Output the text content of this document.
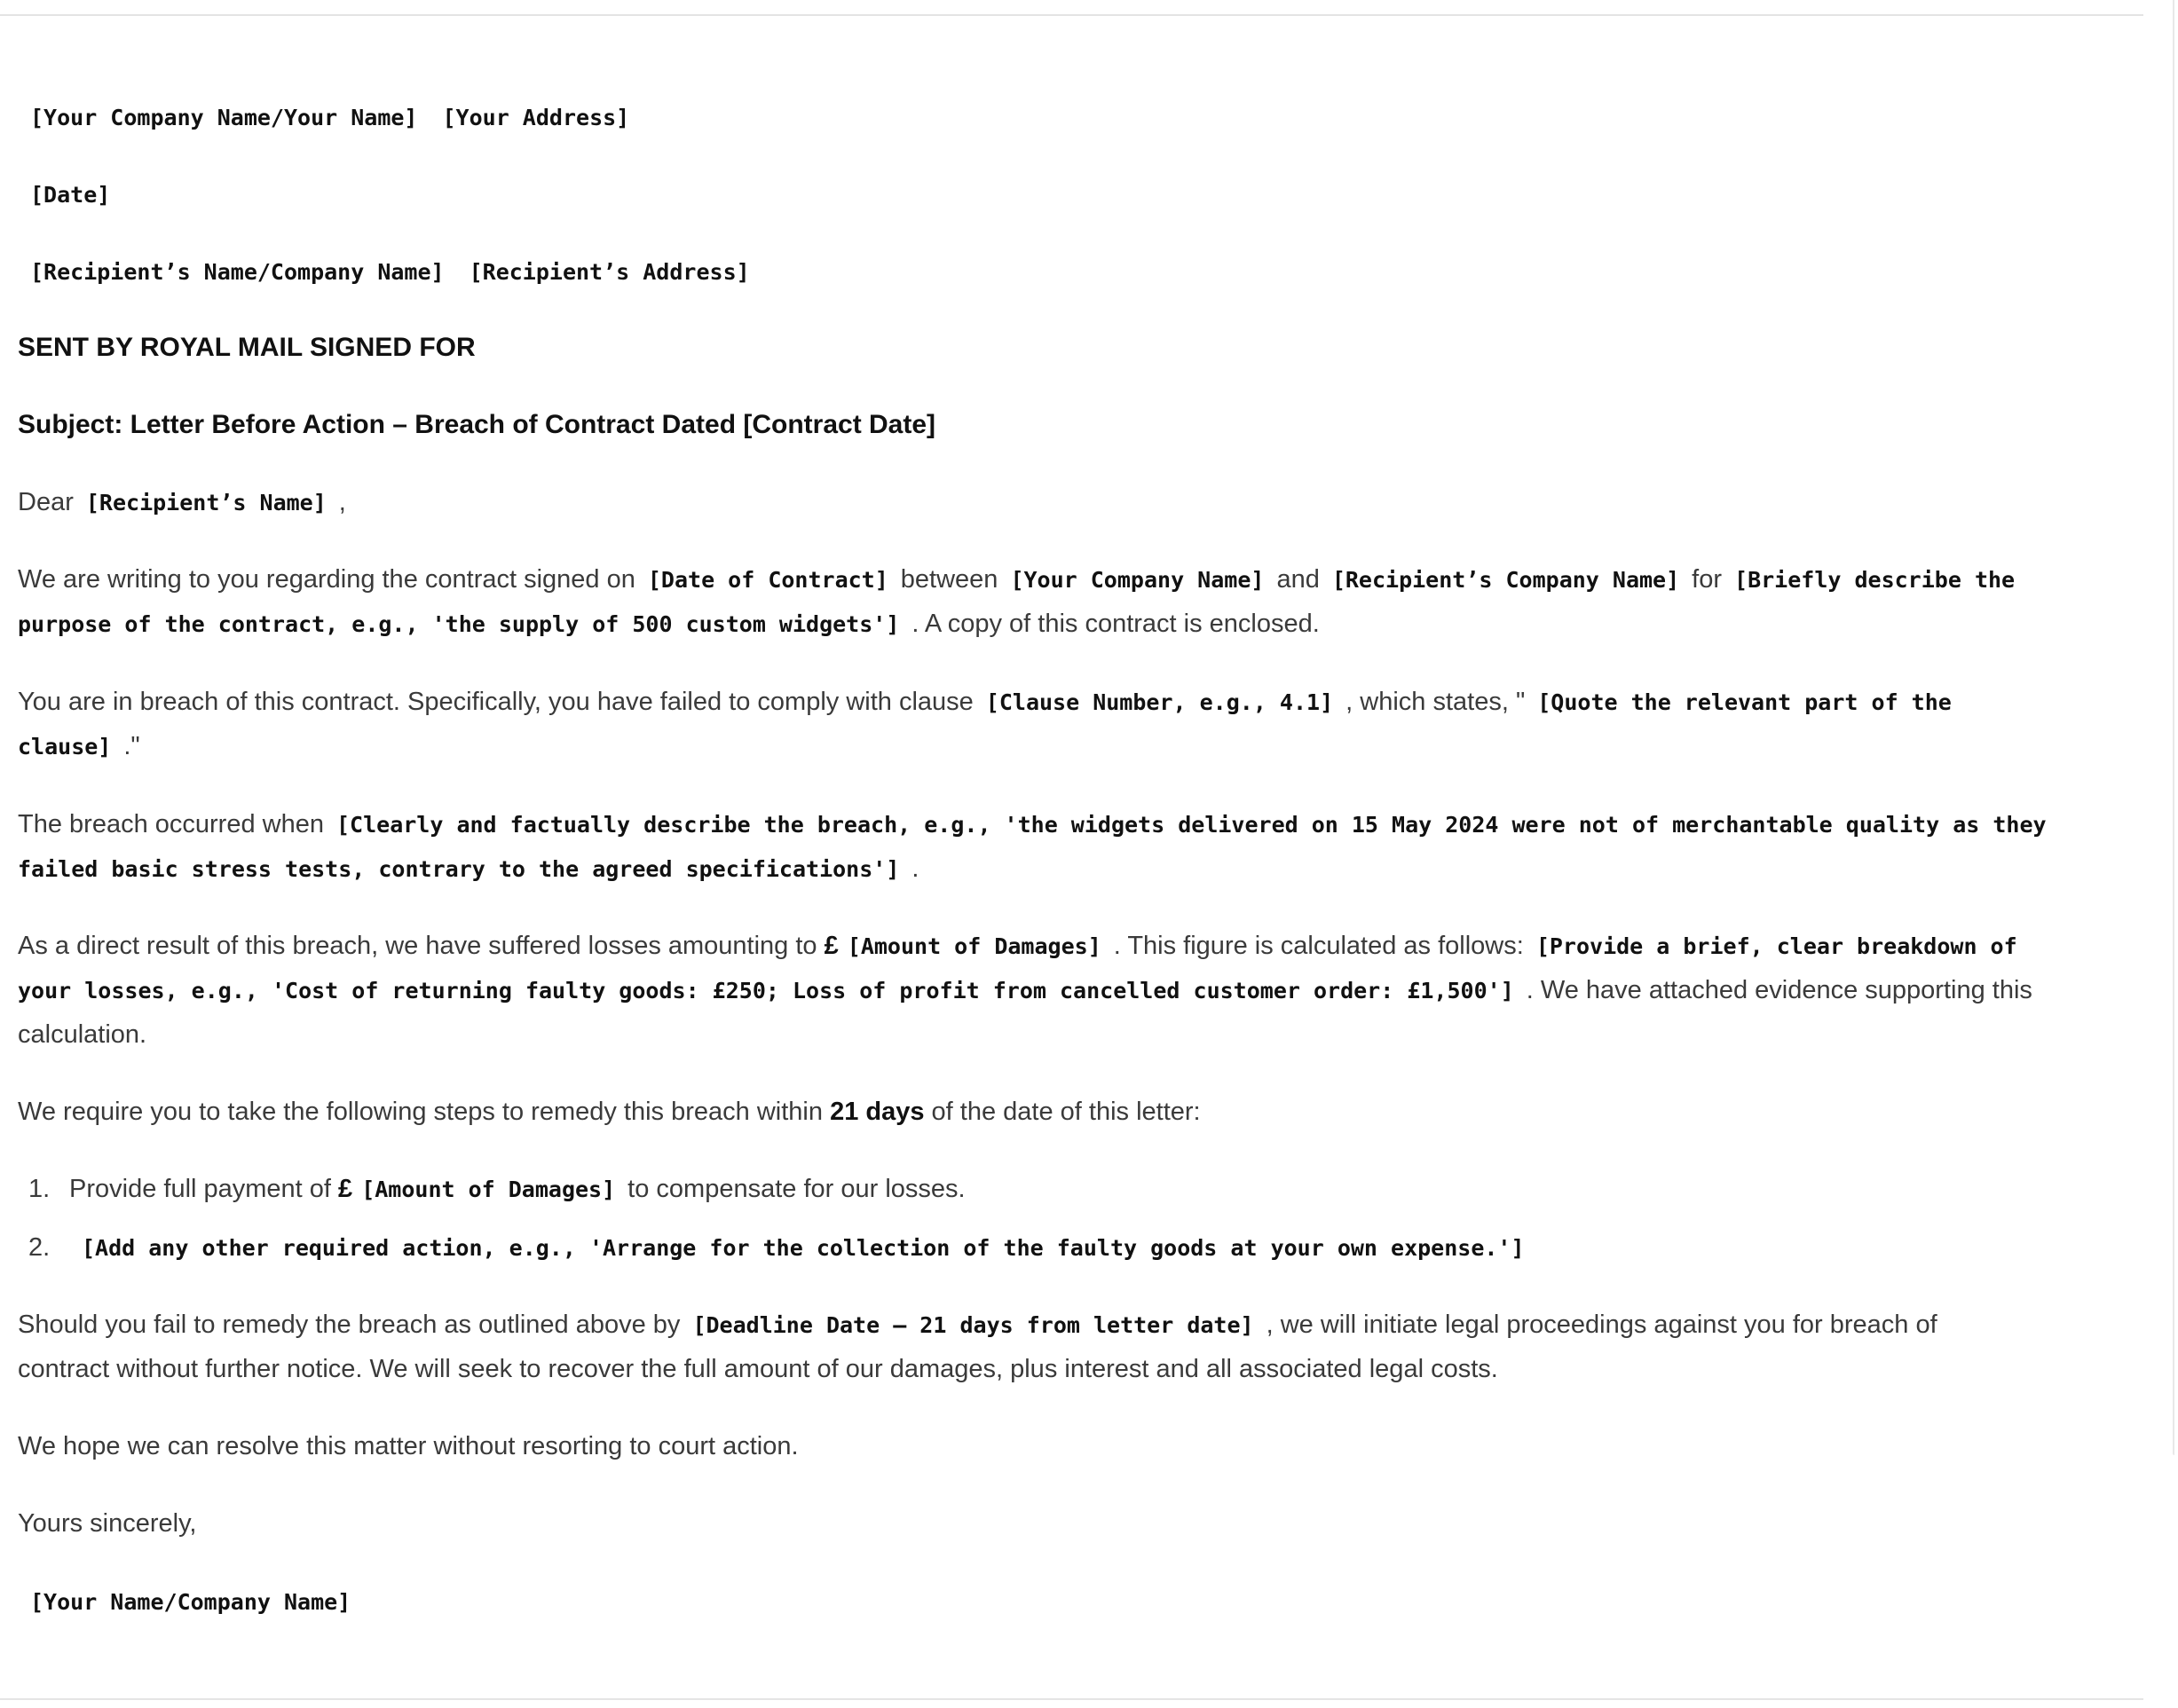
[Your Company Name/Your Name] [Your Address]
[Date]
[Recipient’s Name/Company Name] [Recipient’s Address]
SENT BY ROYAL MAIL SIGNED FOR
Subject: Letter Before Action – Breach of Contract Dated [Contract Date]
Dear [Recipient’s Name] ,
We are writing to you regarding the contract signed on [Date of Contract] between [Your Company Name] and [Recipient’s Company Name] for [Briefly describe the
purpose of the contract, e.g., 'the supply of 500 custom widgets'] . A copy of this contract is enclosed.
You are in breach of this contract. Specifically, you have failed to comply with clause [Clause Number, e.g., 4.1] , which states, " [Quote the relevant part of the
clause] ."
The breach occurred when [Clearly and factually describe the breach, e.g., 'the widgets delivered on 15 May 2024 were not of merchantable quality as they
failed basic stress tests, contrary to the agreed specifications'] .
As a direct result of this breach, we have suffered losses amounting to £ [Amount of Damages] . This figure is calculated as follows: [Provide a brief, clear breakdown of
your losses, e.g., 'Cost of returning faulty goods: £250; Loss of profit from cancelled customer order: £1,500'] . We have attached evidence supporting this
calculation.
We require you to take the following steps to remedy this breach within 21 days of the date of this letter:
1. Provide full payment of £ [Amount of Damages] to compensate for our losses.
2. [Add any other required action, e.g., 'Arrange for the collection of the faulty goods at your own expense.']
Should you fail to remedy the breach as outlined above by [Deadline Date – 21 days from letter date] , we will initiate legal proceedings against you for breach of
contract without further notice. We will seek to recover the full amount of our damages, plus interest and all associated legal costs.
We hope we can resolve this matter without resorting to court action.
Yours sincerely,
[Your Name/Company Name]
